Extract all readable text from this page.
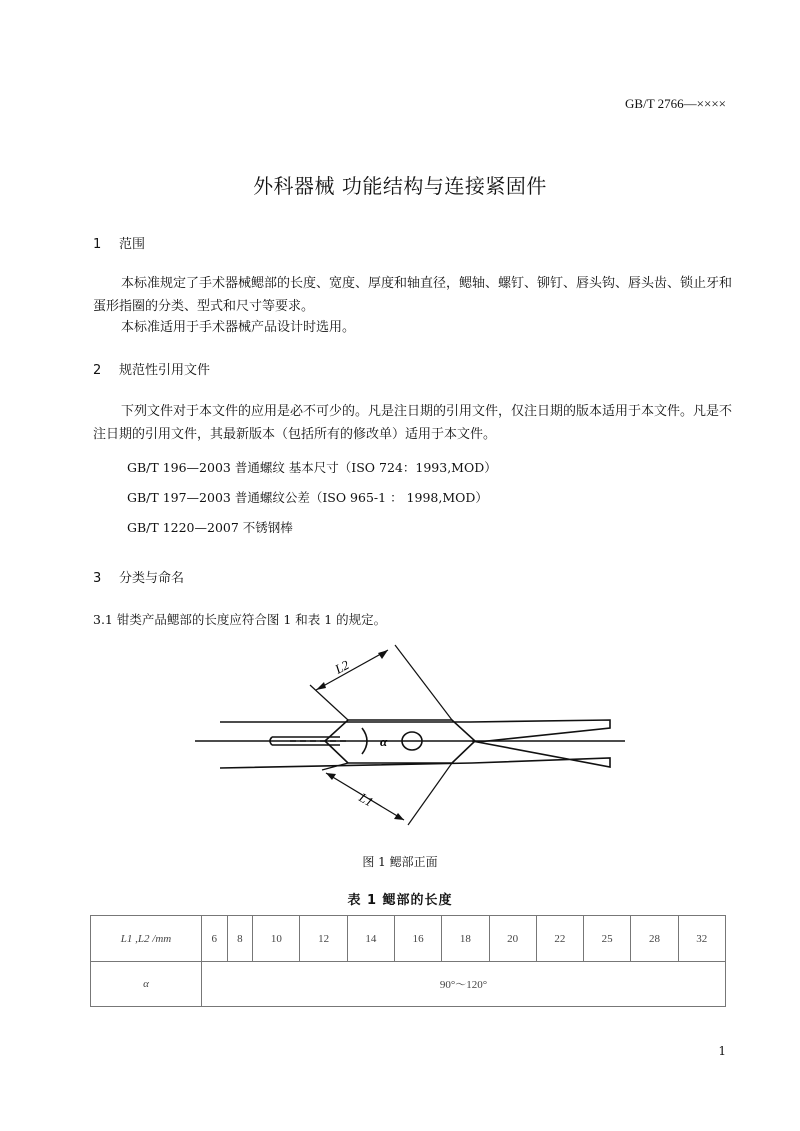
GB/T 2766—××××
外科器械 功能结构与连接紧固件
1 范围
本标准规定了手术器械鳃部的长度、宽度、厚度和轴直径，鳃轴、螺钉、铆钉、唇头钩、唇头齿、锁止牙和蛋形指圈的分类、型式和尺寸等要求。
本标准适用于手术器械产品设计时选用。
2 规范性引用文件
下列文件对于本文件的应用是必不可少的。凡是注日期的引用文件，仅注日期的版本适用于本文件。凡是不注日期的引用文件，其最新版本（包括所有的修改单）适用于本文件。
GB/T 196—2003 普通螺纹 基本尺寸（ISO 724：1993,MOD）
GB/T 197—2003 普通螺纹公差（ISO 965-1 ： 1998,MOD）
GB/T 1220—2007 不锈钢棒
3 分类与命名
3.1 钳类产品鳃部的长度应符合图 1 和表 1 的规定。
L2
L1
α
图 1 鳃部正面
表 1 鳃部的长度
L1 ,L2 /mm	6	8	10	12	14	16	18	20	22	25	28	32
α	90°～120°											
1
